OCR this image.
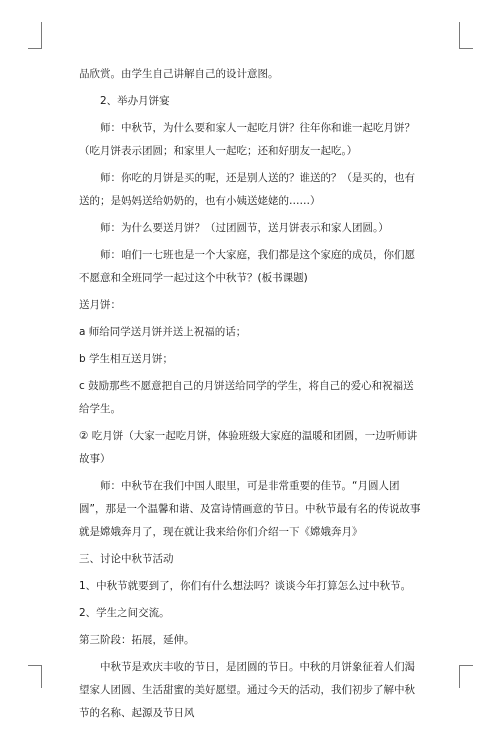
品欣赏。由学生自己讲解自己的设计意图。

2、举办月饼宴

师：中秋节，为什么要和家人一起吃月饼？往年你和谁一起吃月饼？（吃月饼表示团圆；和家里人一起吃；还和好朋友一起吃。）

师：你吃的月饼是买的呢，还是别人送的？谁送的？（是买的，也有送的；是妈妈送给奶奶的，也有小姨送姥姥的……）

师：为什么要送月饼？（过团圆节，送月饼表示和家人团圆。）

师：咱们一七班也是一个大家庭，我们都是这个家庭的成员，你们愿不愿意和全班同学一起过这个中秋节？(板书课题)

送月饼：

a 师给同学送月饼并送上祝福的话；

b 学生相互送月饼；

c 鼓励那些不愿意把自己的月饼送给同学的学生，将自己的爱心和祝福送给学生。

② 吃月饼（大家一起吃月饼，体验班级大家庭的温暖和团圆，一边听师讲故事）

师：中秋节在我们中国人眼里，可是非常重要的佳节。“月圆人团圆”，那是一个温馨和谐、及富诗情画意的节日。中秋节最有名的传说故事就是嫦娥奔月了，现在就让我来给你们介绍一下《嫦娥奔月》

三、讨论中秋节活动

1、中秋节就要到了，你们有什么想法吗？谈谈今年打算怎么过中秋节。

2、学生之间交流。

第三阶段：拓展，延伸。

中秋节是欢庆丰收的节日，是团圆的节日。中秋的月饼象征着人们渴望家人团圆、生活甜蜜的美好愿望。通过今天的活动，我们初步了解中秋节的名称、起源及节日风
